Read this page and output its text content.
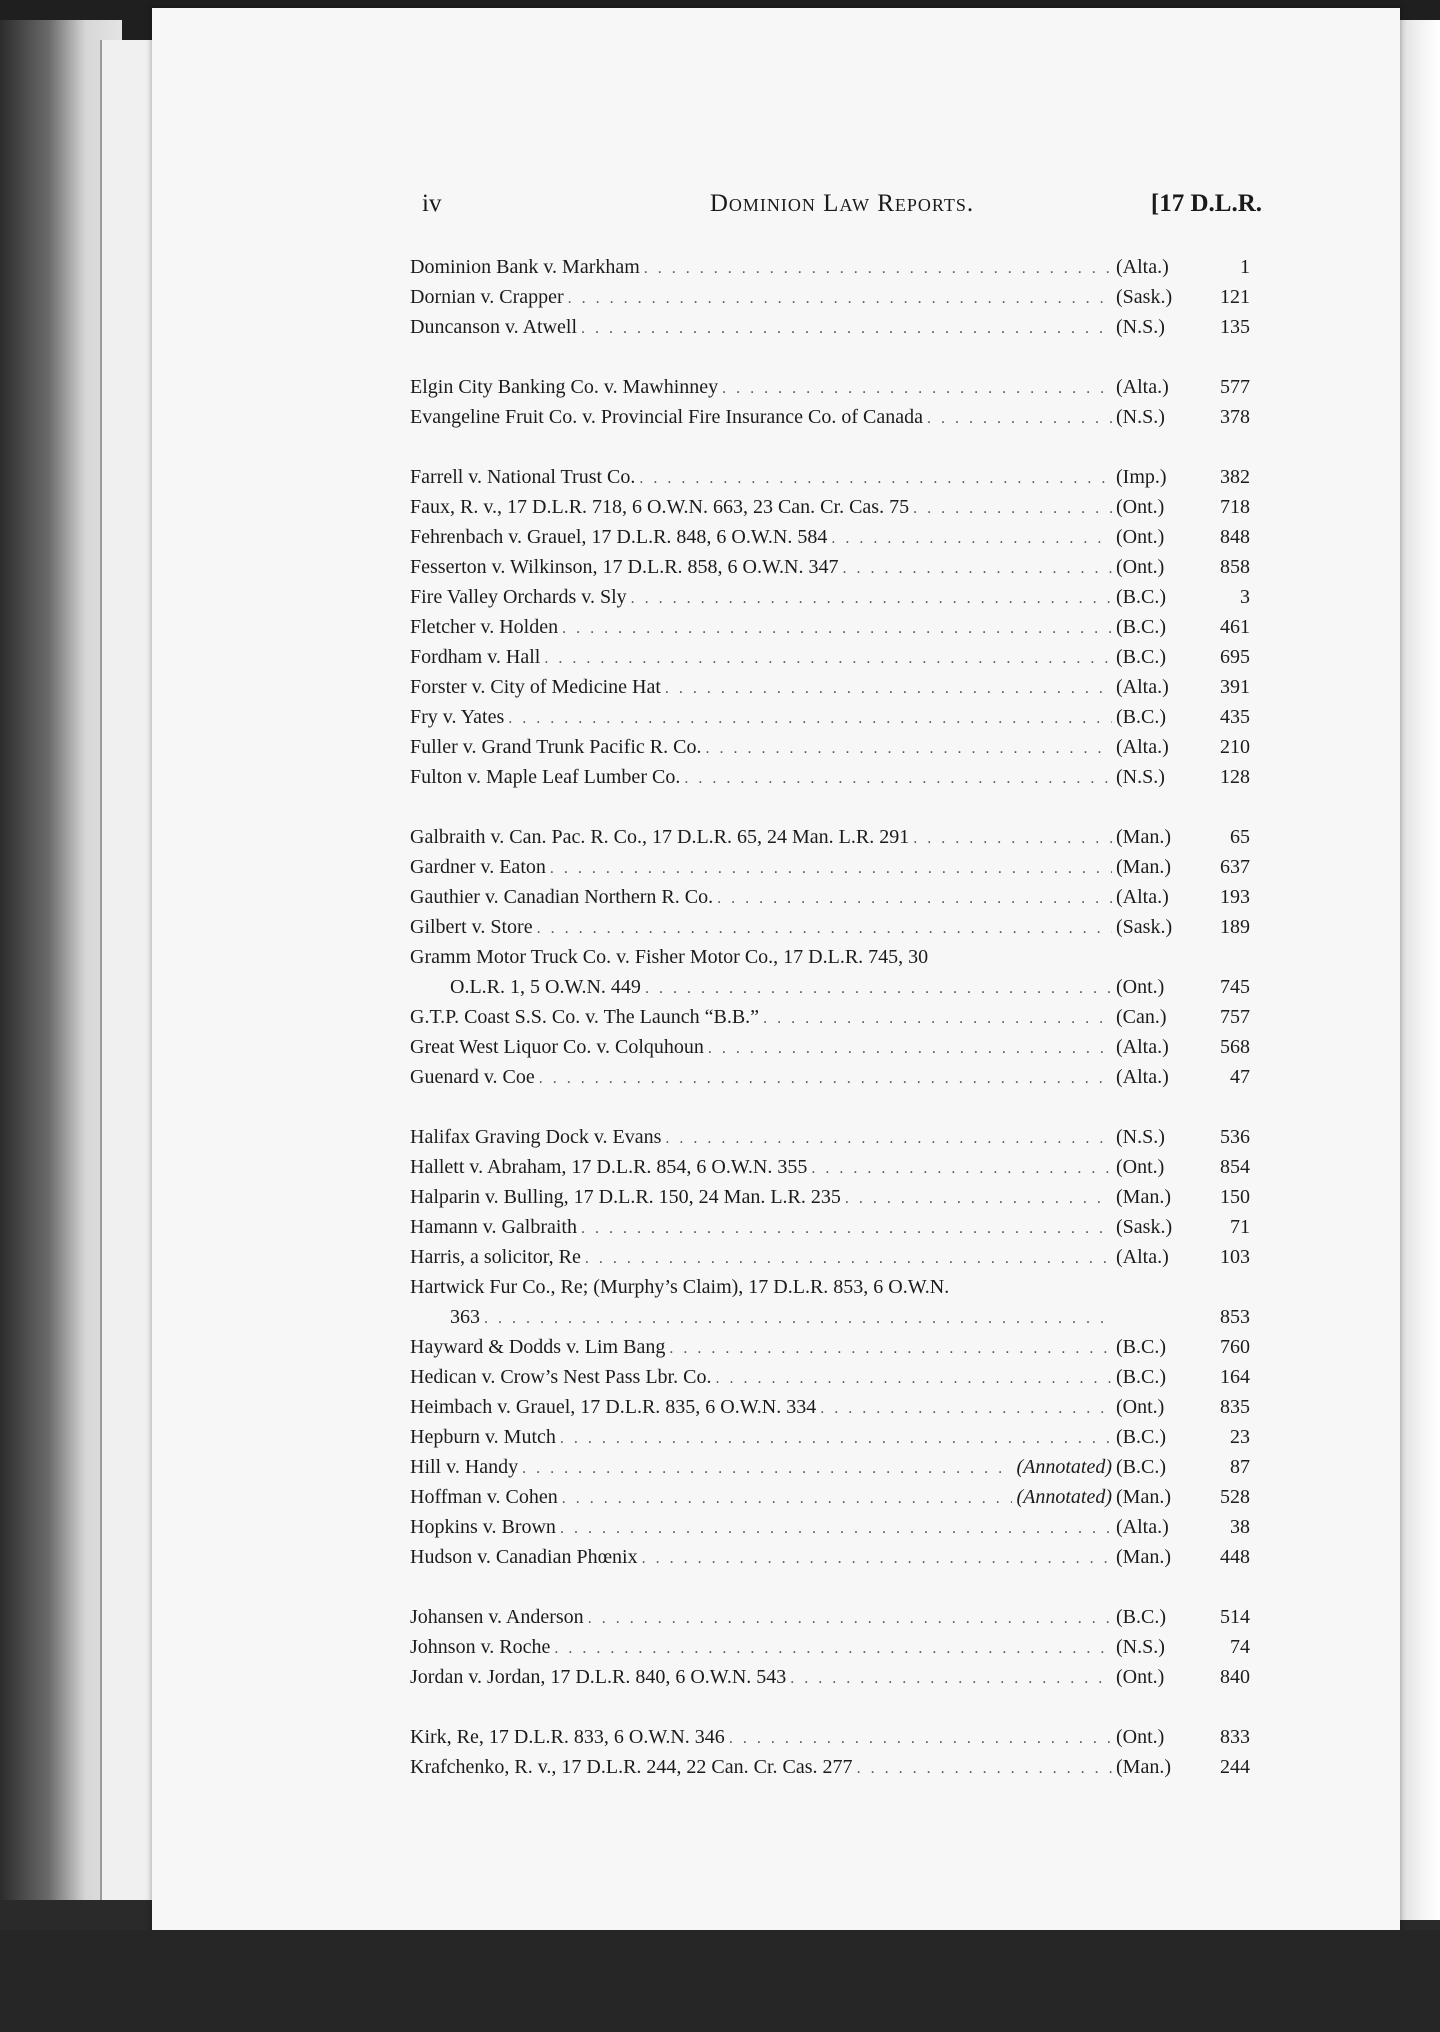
iv	Dominion Law Reports.	[17 D.L.R.
Dominion Bank v. Markham . . .	(Alta.)	1
Dornian v. Crapper . . .	(Sask.)	121
Duncanson v. Atwell . . .	(N.S.)	135
Elgin City Banking Co. v. Mawhinney . . .	(Alta.)	577
Evangeline Fruit Co. v. Provincial Fire Insurance Co. of Canada . . .	(N.S.)	378
Farrell v. National Trust Co. . . .	(Imp.)	382
Faux, R. v., 17 D.L.R. 718, 6 O.W.N. 663, 23 Can. Cr. Cas. 75 . . .	(Ont.)	718
Fehrenbach v. Grauel, 17 D.L.R. 848, 6 O.W.N. 584 . . .	(Ont.)	848
Fesserton v. Wilkinson, 17 D.L.R. 858, 6 O.W.N. 347 . . .	(Ont.)	858
Fire Valley Orchards v. Sly . . .	(B.C.)	3
Fletcher v. Holden . . .	(B.C.)	461
Fordham v. Hall . . .	(B.C.)	695
Forster v. City of Medicine Hat . . .	(Alta.)	391
Fry v. Yates . . .	(B.C.)	435
Fuller v. Grand Trunk Pacific R. Co. . . .	(Alta.)	210
Fulton v. Maple Leaf Lumber Co. . . .	(N.S.)	128
Galbraith v. Can. Pac. R. Co., 17 D.L.R. 65, 24 Man. L.R. 291 . . .	(Man.)	65
Gardner v. Eaton . . .	(Man.)	637
Gauthier v. Canadian Northern R. Co. . . .	(Alta.)	193
Gilbert v. Store . . .	(Sask.)	189
Gramm Motor Truck Co. v. Fisher Motor Co., 17 D.L.R. 745, 30
O.L.R. 1, 5 O.W.N. 449 . . .	(Ont.)	745
G.T.P. Coast S.S. Co. v. The Launch “B.B.” . . .	(Can.)	757
Great West Liquor Co. v. Colquhoun . . .	(Alta.)	568
Guenard v. Coe . . .	(Alta.)	47
Halifax Graving Dock v. Evans . . .	(N.S.)	536
Hallett v. Abraham, 17 D.L.R. 854, 6 O.W.N. 355 . . .	(Ont.)	854
Halparin v. Bulling, 17 D.L.R. 150, 24 Man. L.R. 235 . . .	(Man.)	150
Hamann v. Galbraith . . .	(Sask.)	71
Harris, a solicitor, Re . . .	(Alta.)	103
Hartwick Fur Co., Re; (Murphy’s Claim), 17 D.L.R. 853, 6 O.W.N.
363 . . .	853
Hayward & Dodds v. Lim Bang . . .	(B.C.)	760
Hedican v. Crow’s Nest Pass Lbr. Co. . . .	(B.C.)	164
Heimbach v. Grauel, 17 D.L.R. 835, 6 O.W.N. 334 . . .	(Ont.)	835
Hepburn v. Mutch . . .	(B.C.)	23
Hill v. Handy . . .	(Annotated) (B.C.)	87
Hoffman v. Cohen . . .	(Annotated) (Man.)	528
Hopkins v. Brown . . .	(Alta.)	38
Hudson v. Canadian Phœnix . . .	(Man.)	448
Johansen v. Anderson . . .	(B.C.)	514
Johnson v. Roche . . .	(N.S.)	74
Jordan v. Jordan, 17 D.L.R. 840, 6 O.W.N. 543 . . .	(Ont.)	840
Kirk, Re, 17 D.L.R. 833, 6 O.W.N. 346 . . .	(Ont.)	833
Krafchenko, R. v., 17 D.L.R. 244, 22 Can. Cr. Cas. 277 . . .	(Man.)	244
